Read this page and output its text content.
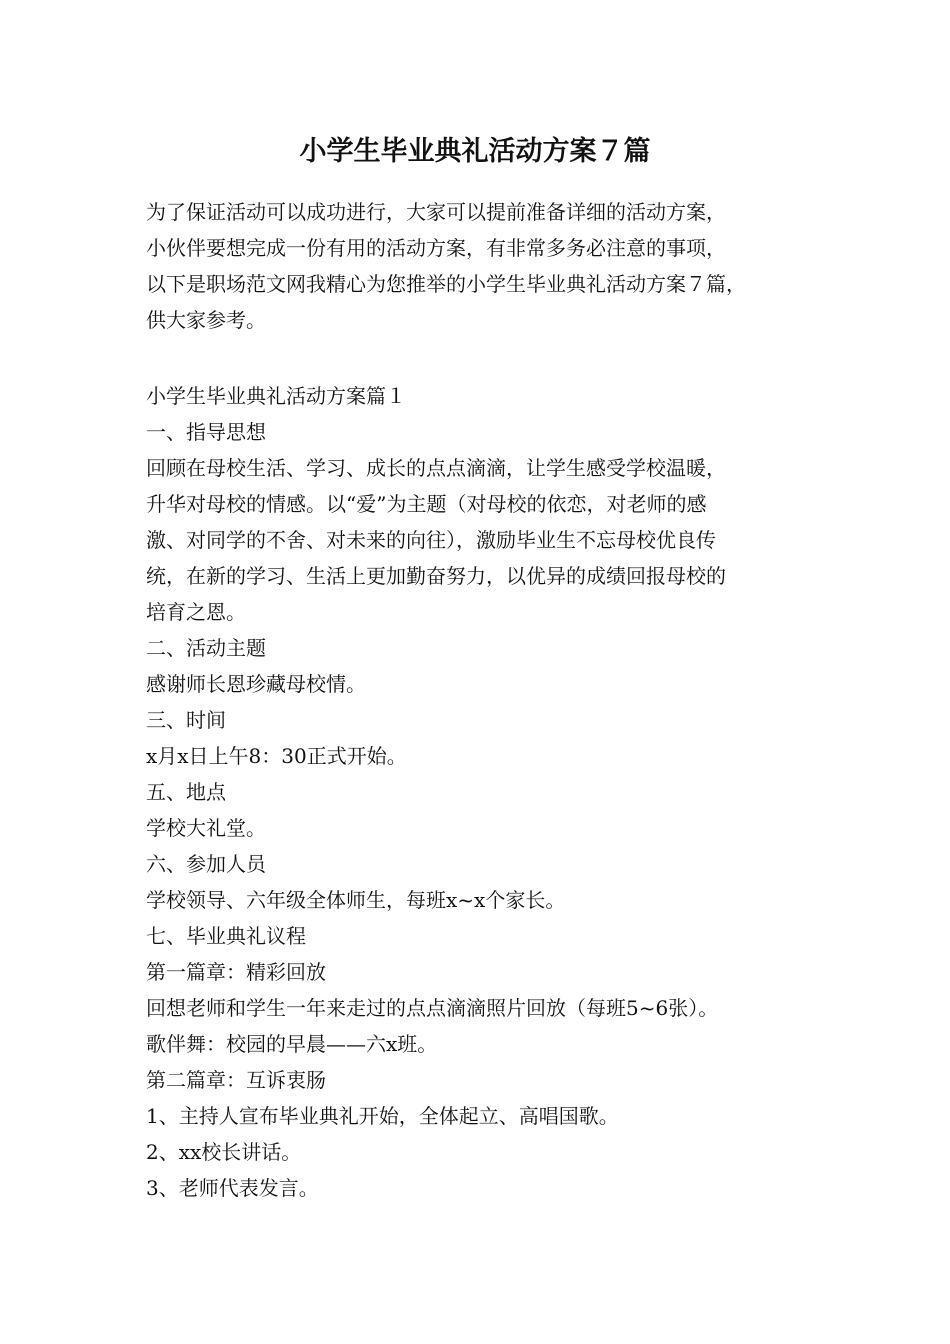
小学生毕业典礼活动方案７篇

为了保证活动可以成功进行，大家可以提前准备详细的活动方案，

小伙伴要想完成一份有用的活动方案，有非常多务必注意的事项，

以下是职场范文网我精心为您推举的小学生毕业典礼活动方案７篇，

供大家参考。

小学生毕业典礼活动方案篇１

一、指导思想

回顾在母校生活、学习、成长的点点滴滴，让学生感受学校温暖，

升华对母校的情感。以“爱”为主题（对母校的依恋，对老师的感

激、对同学的不舍、对未来的向往），激励毕业生不忘母校优良传

统，在新的学习、生活上更加勤奋努力，以优异的成绩回报母校的

培育之恩。

二、活动主题

感谢师长恩珍藏母校情。

三、时间

x月x日上午8：30正式开始。

五、地点

学校大礼堂。

六、参加人员

学校领导、六年级全体师生，每班x~x个家长。

七、毕业典礼议程

第一篇章：精彩回放

回想老师和学生一年来走过的点点滴滴照片回放（每班5~6张）。

歌伴舞：校园的早晨——六x班。

第二篇章：互诉衷肠

1、主持人宣布毕业典礼开始，全体起立、高唱国歌。

2、xx校长讲话。

3、老师代表发言。
